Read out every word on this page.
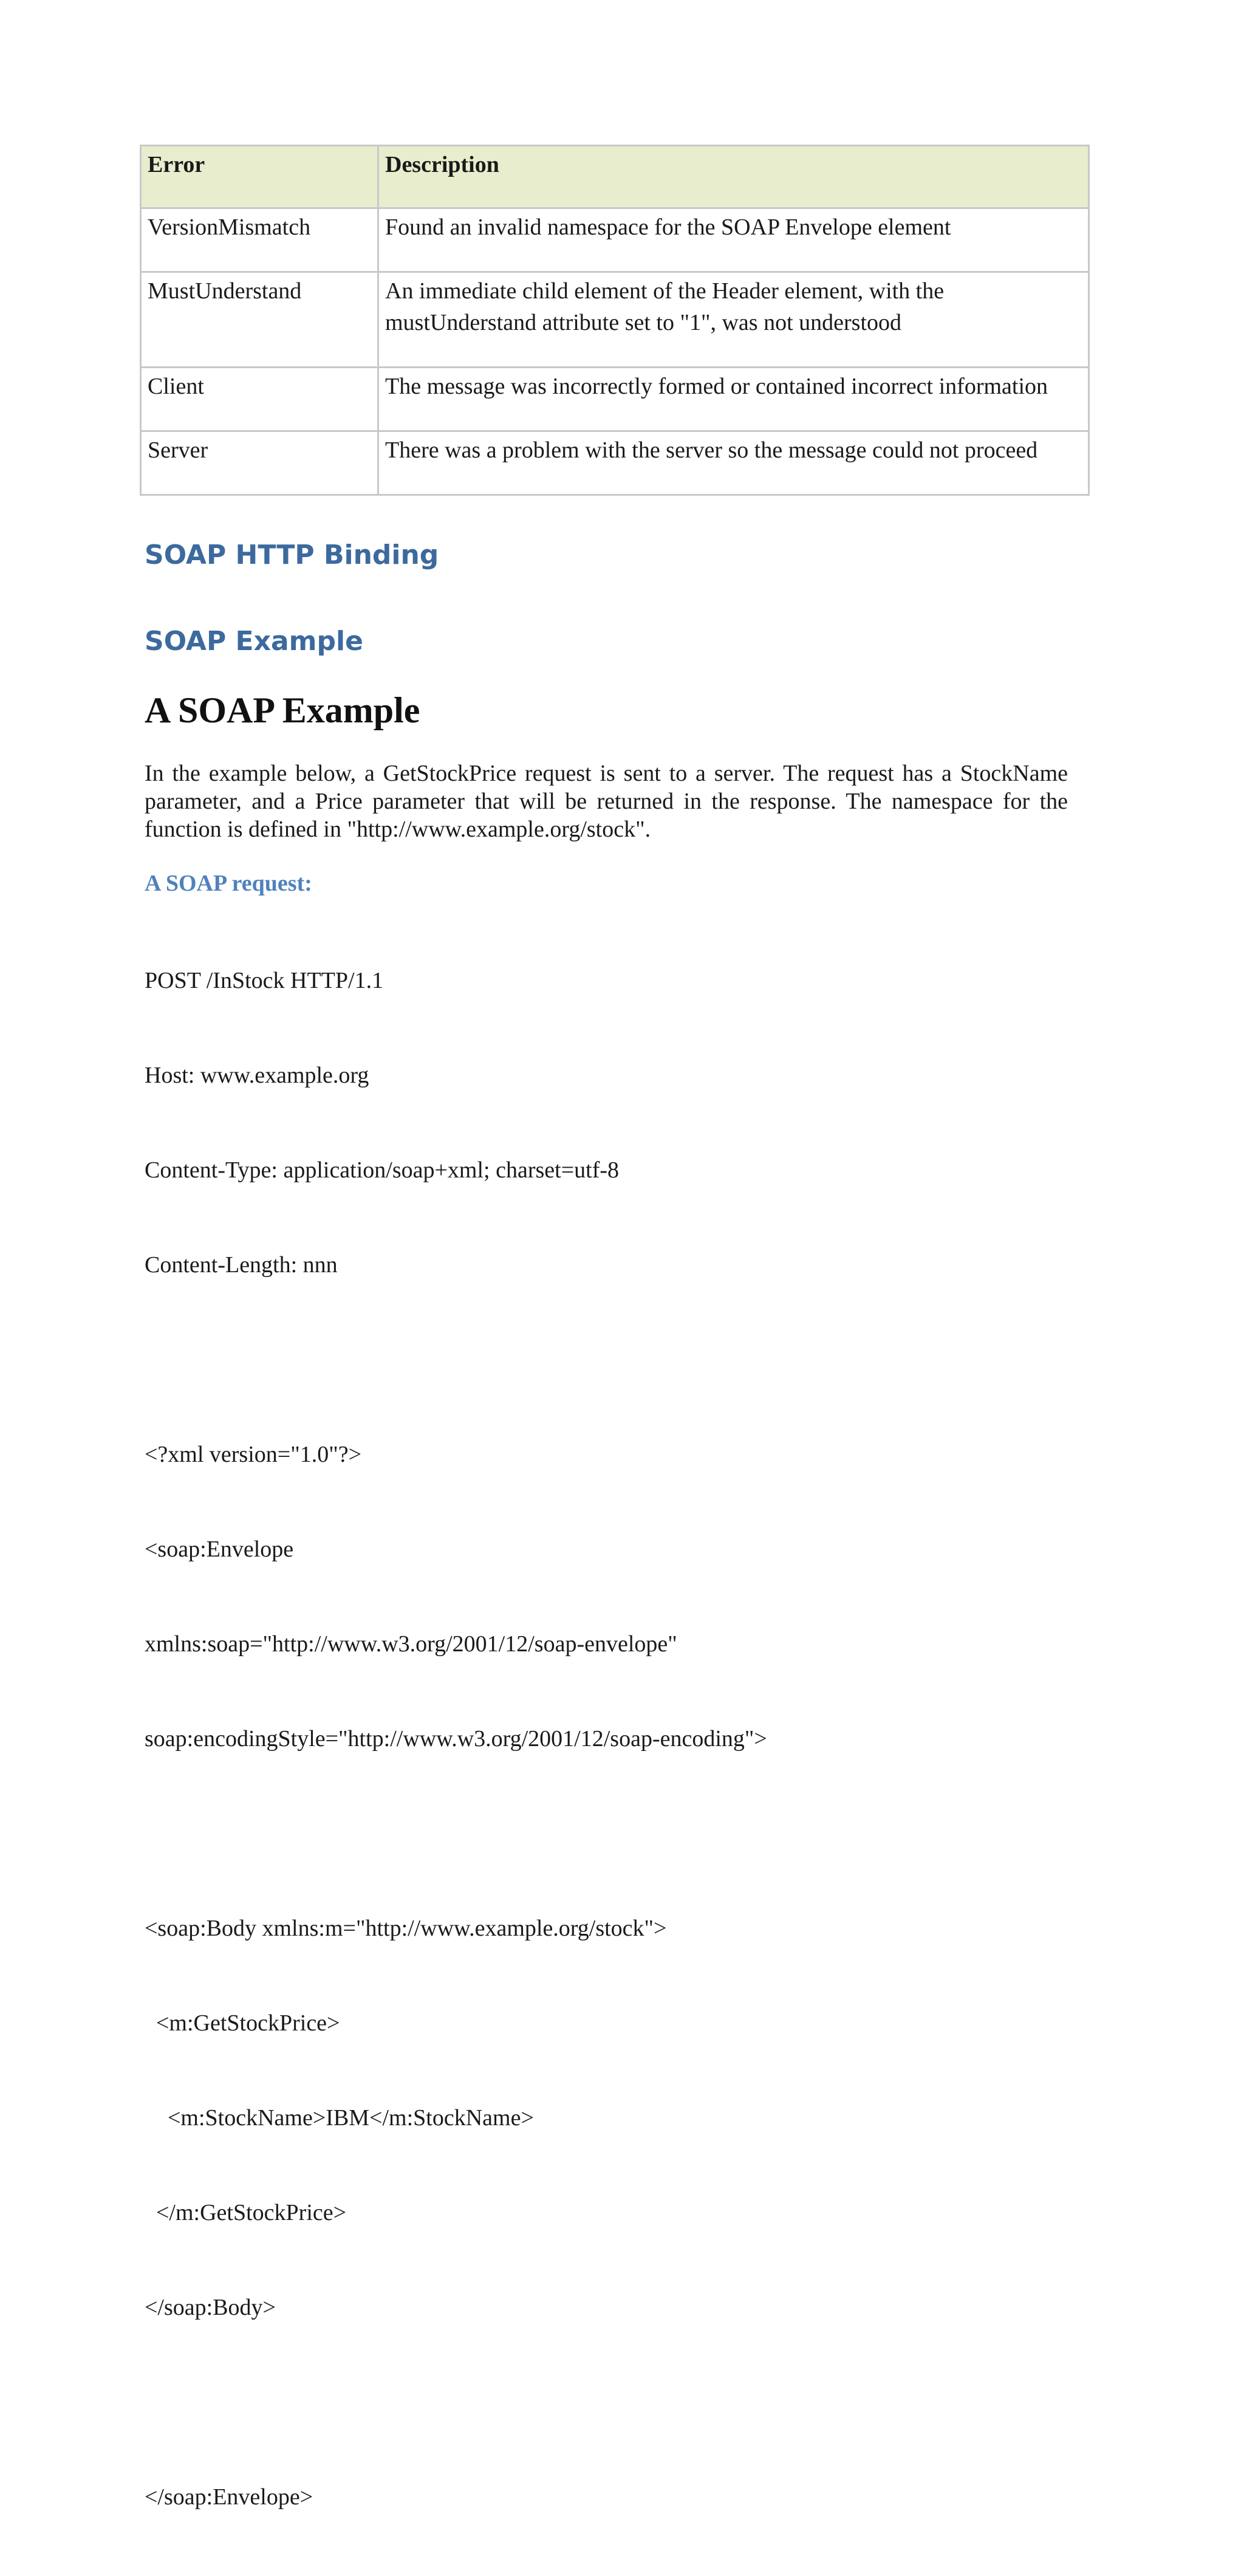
Error	Description
VersionMismatch	Found an invalid namespace for the SOAP Envelope element
MustUnderstand	An immediate child element of the Header element, with the mustUnderstand attribute set to "1", was not understood
Client	The message was incorrectly formed or contained incorrect information
Server	There was a problem with the server so the message could not proceed
SOAP HTTP Binding
SOAP Example
A SOAP Example

In the example below, a GetStockPrice request is sent to a server. The request has a StockName parameter, and a Price parameter that will be returned in the response. The namespace for the function is defined in "http://www.example.org/stock".

A SOAP request:

POST /InStock HTTP/1.1

Host: www.example.org

Content-Type: application/soap+xml; charset=utf-8

Content-Length: nnn

<?xml version="1.0"?>

<soap:Envelope

xmlns:soap="http://www.w3.org/2001/12/soap-envelope"

soap:encodingStyle="http://www.w3.org/2001/12/soap-encoding">

<soap:Body xmlns:m="http://www.example.org/stock">

<m:GetStockPrice>

<m:StockName>IBM</m:StockName>

</m:GetStockPrice>

</soap:Body>

</soap:Envelope>
